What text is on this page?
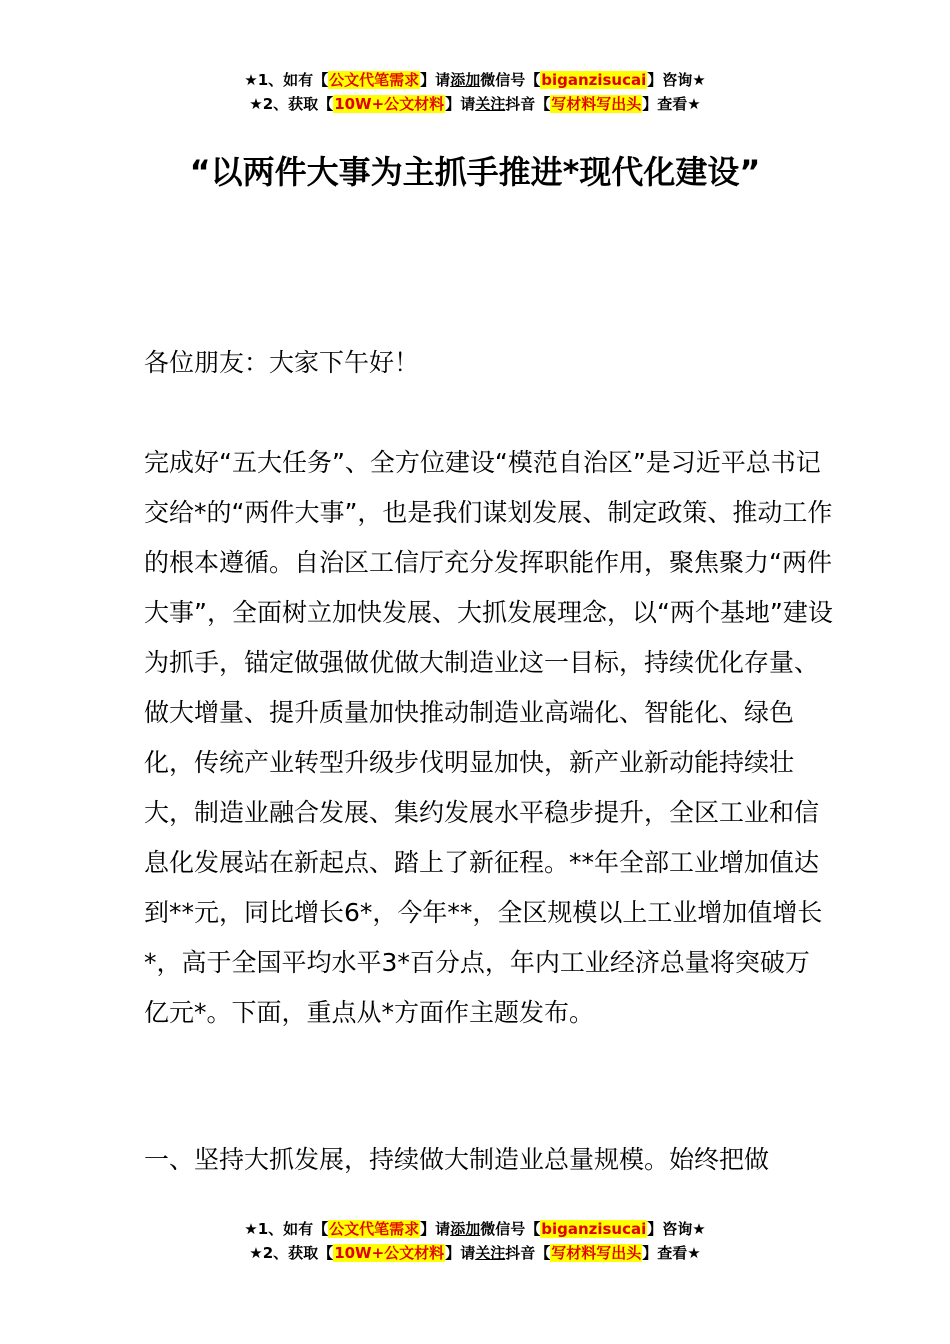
★1、如有【公文代笔需求】请添加微信号【biganzisucai】咨询★
★2、获取【10W+公文材料】请关注抖音【写材料写出头】查看★
“以两件大事为主抓手推进*现代化建设”

各位朋友：大家下午好！

完成好“五大任务”、全方位建设“模范自治区”是习近平总书记交给*的“两件大事”，也是我们谋划发展、制定政策、推动工作的根本遵循。自治区工信厅充分发挥职能作用，聚焦聚力“两件大事”，全面树立加快发展、大抓发展理念，以“两个基地”建设为抓手，锚定做强做优做大制造业这一目标，持续优化存量、做大增量、提升质量加快推动制造业高端化、智能化、绿色化，传统产业转型升级步伐明显加快，新产业新动能持续壮大，制造业融合发展、集约发展水平稳步提升，全区工业和信息化发展站在新起点、踏上了新征程。**年全部工业增加值达到**元，同比增长6*，今年**，全区规模以上工业增加值增长*，高于全国平均水平3*百分点，年内工业经济总量将突破万亿元*。下面，重点从*方面作主题发布。

一、坚持大抓发展，持续做大制造业总量规模。始终把做

★1、如有【公文代笔需求】请添加微信号【biganzisucai】咨询★
★2、获取【10W+公文材料】请关注抖音【写材料写出头】查看★
